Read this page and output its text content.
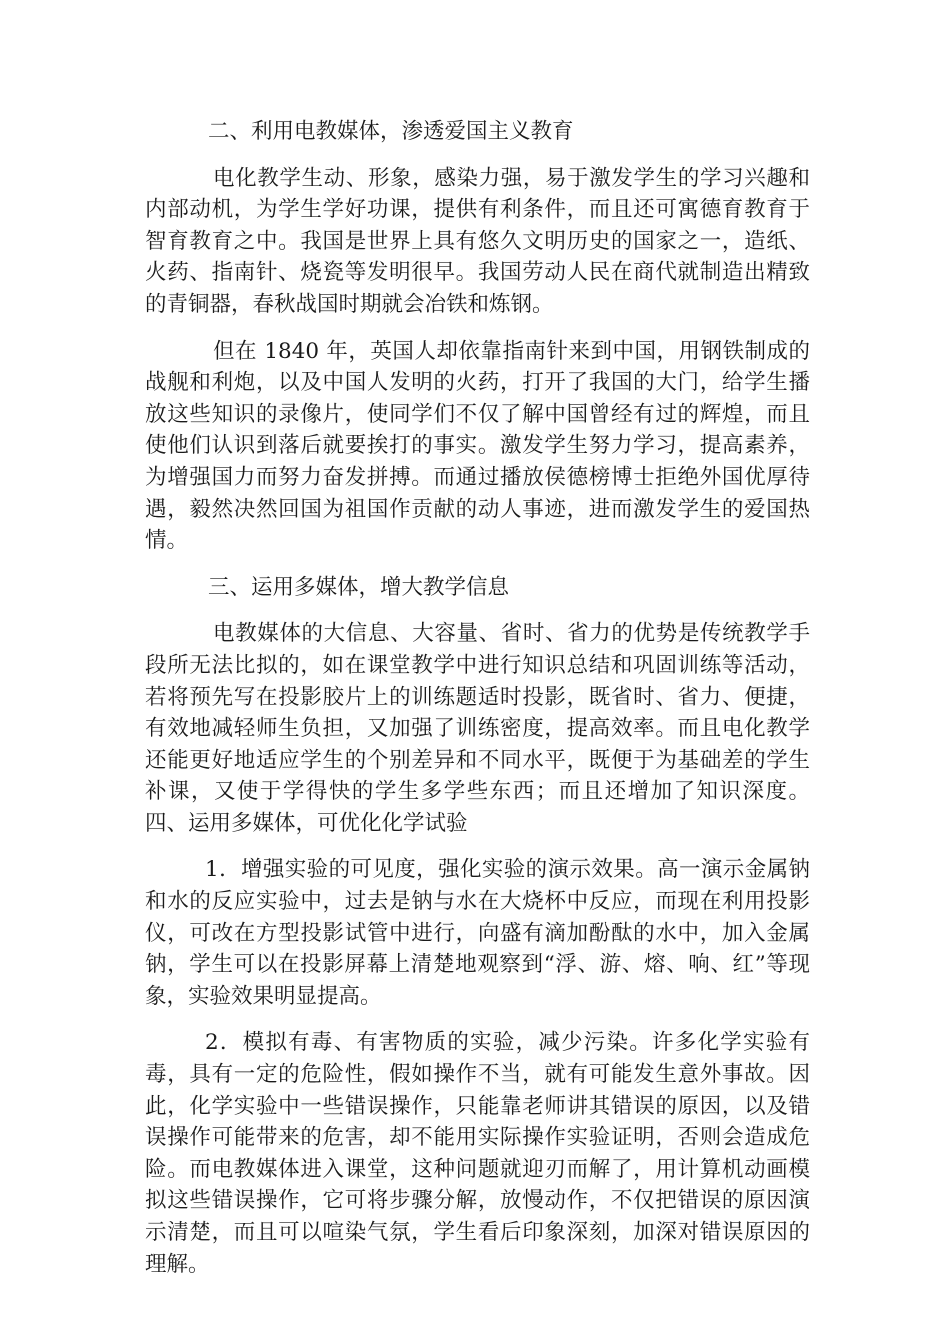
二、利用电教媒体，渗透爱国主义教育

电化教学生动、形象，感染力强，易于激发学生的学习兴趣和内部动机，为学生学好功课，提供有利条件，而且还可寓德育教育于智育教育之中。我国是世界上具有悠久文明历史的国家之一，造纸、火药、指南针、烧瓷等发明很早。我国劳动人民在商代就制造出精致的青铜器，春秋战国时期就会冶铁和炼钢。

但在 1840 年，英国人却依靠指南针来到中国，用钢铁制成的战舰和利炮，以及中国人发明的火药，打开了我国的大门，给学生播放这些知识的录像片，使同学们不仅了解中国曾经有过的辉煌，而且使他们认识到落后就要挨打的事实。激发学生努力学习，提高素养，为增强国力而努力奋发拼搏。而通过播放侯德榜博士拒绝外国优厚待遇，毅然决然回国为祖国作贡献的动人事迹，进而激发学生的爱国热情。

三、运用多媒体，增大教学信息

电教媒体的大信息、大容量、省时、省力的优势是传统教学手段所无法比拟的，如在课堂教学中进行知识总结和巩固训练等活动，若将预先写在投影胶片上的训练题适时投影，既省时、省力、便捷，有效地减轻师生负担，又加强了训练密度，提高效率。而且电化教学还能更好地适应学生的个别差异和不同水平，既便于为基础差的学生补课，又使于学得快的学生多学些东西；而且还增加了知识深度。四、运用多媒体，可优化化学试验

1．增强实验的可见度，强化实验的演示效果。高一演示金属钠和水的反应实验中，过去是钠与水在大烧杯中反应，而现在利用投影仪，可改在方型投影试管中进行，向盛有滴加酚酞的水中，加入金属钠，学生可以在投影屏幕上清楚地观察到“浮、游、熔、响、红”等现象，实验效果明显提高。

2．模拟有毒、有害物质的实验，减少污染。许多化学实验有毒，具有一定的危险性，假如操作不当，就有可能发生意外事故。因此，化学实验中一些错误操作，只能靠老师讲其错误的原因，以及错误操作可能带来的危害，却不能用实际操作实验证明，否则会造成危险。而电教媒体进入课堂，这种问题就迎刃而解了，用计算机动画模拟这些错误操作，它可将步骤分解，放慢动作，不仅把错误的原因演示清楚，而且可以喧染气氛，学生看后印象深刻，加深对错误原因的理解。
